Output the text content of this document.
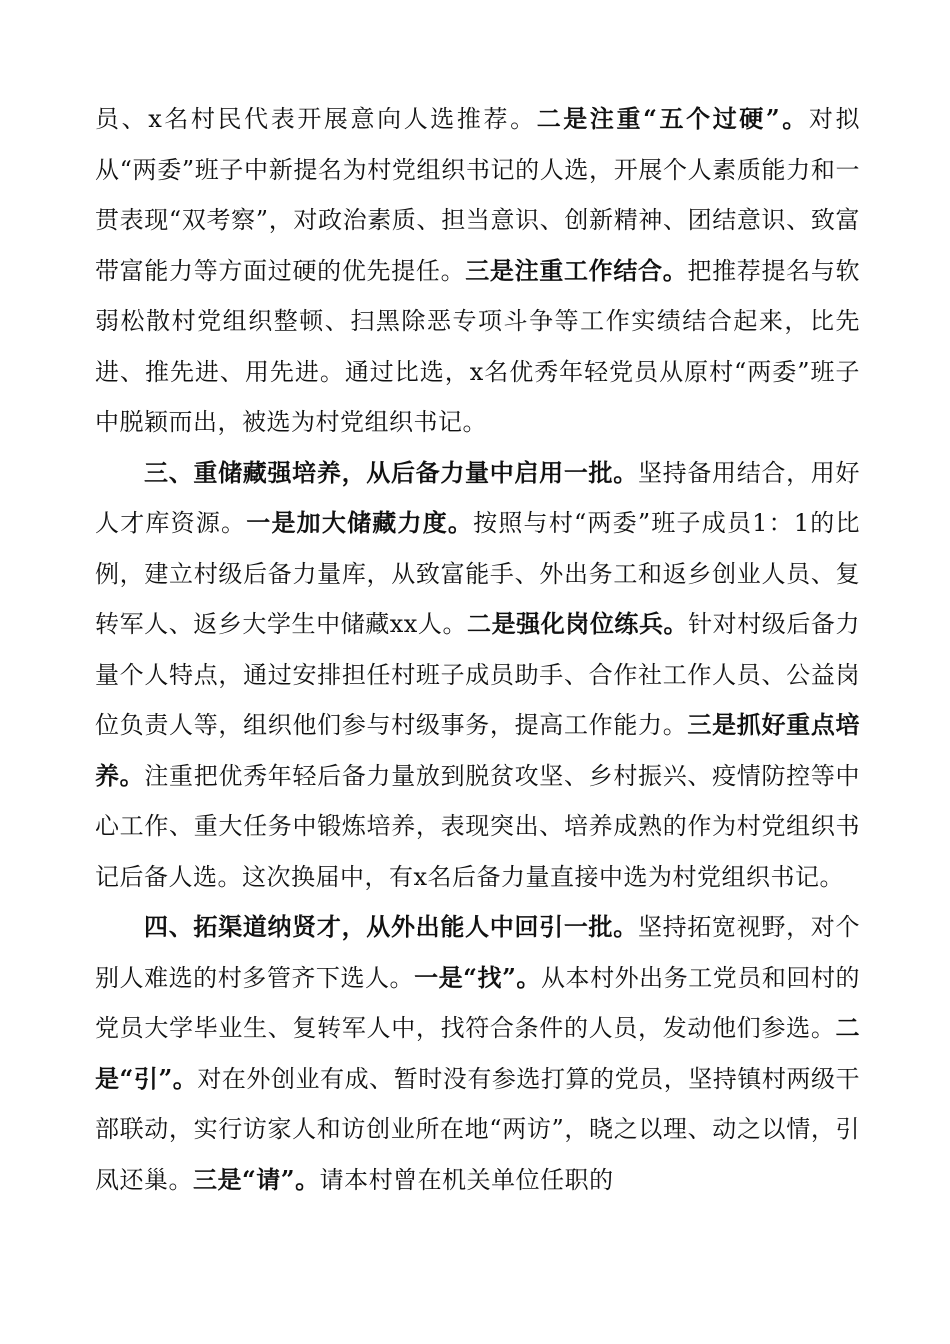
员、x名村民代表开展意向人选推荐。二是注重“五个过硬”。对拟从“两委”班子中新提名为村党组织书记的人选，开展个人素质能力和一贯表现“双考察”，对政治素质、担当意识、创新精神、团结意识、致富带富能力等方面过硬的优先提任。三是注重工作结合。把推荐提名与软弱松散村党组织整顿、扫黑除恶专项斗争等工作实绩结合起来，比先进、推先进、用先进。通过比选，x名优秀年轻党员从原村“两委”班子中脱颖而出，被选为村党组织书记。

三、重储藏强培养，从后备力量中启用一批。坚持备用结合，用好人才库资源。一是加大储藏力度。按照与村“两委”班子成员1：1的比例，建立村级后备力量库，从致富能手、外出务工和返乡创业人员、复转军人、返乡大学生中储藏xx人。二是强化岗位练兵。针对村级后备力量个人特点，通过安排担任村班子成员助手、合作社工作人员、公益岗位负责人等，组织他们参与村级事务，提高工作能力。三是抓好重点培养。注重把优秀年轻后备力量放到脱贫攻坚、乡村振兴、疫情防控等中心工作、重大任务中锻炼培养，表现突出、培养成熟的作为村党组织书记后备人选。这次换届中，有x名后备力量直接中选为村党组织书记。

四、拓渠道纳贤才，从外出能人中回引一批。坚持拓宽视野，对个别人难选的村多管齐下选人。一是“找”。从本村外出务工党员和回村的党员大学毕业生、复转军人中，找符合条件的人员，发动他们参选。二是“引”。对在外创业有成、暂时没有参选打算的党员，坚持镇村两级干部联动，实行访家人和访创业所在地“两访”，晓之以理、动之以情，引凤还巢。三是“请”。请本村曾在机关单位任职的
